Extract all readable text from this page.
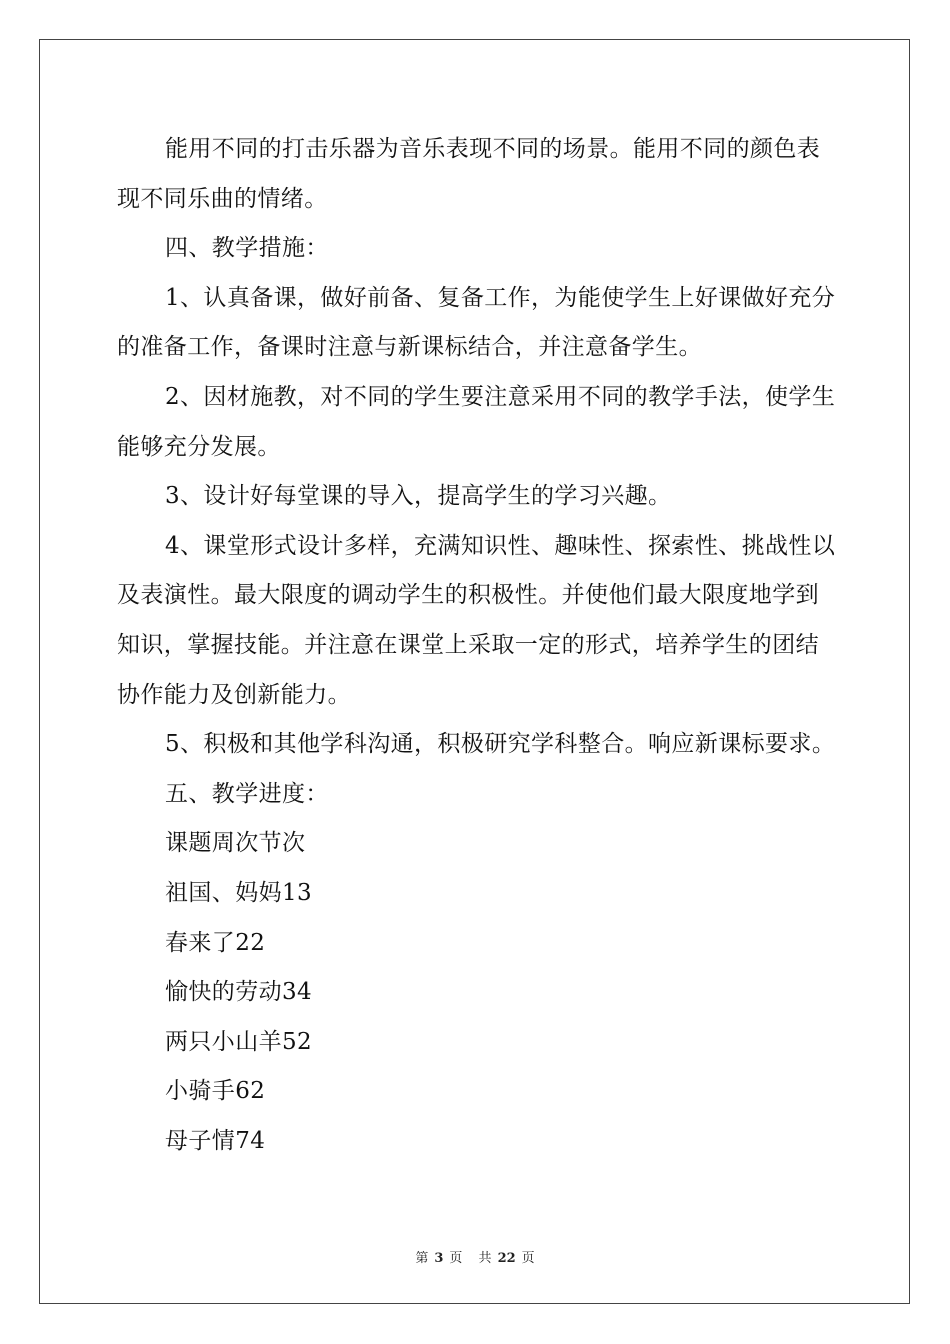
能用不同的打击乐器为音乐表现不同的场景。能用不同的颜色表现不同乐曲的情绪。

四、教学措施：

1、认真备课，做好前备、复备工作，为能使学生上好课做好充分的准备工作，备课时注意与新课标结合，并注意备学生。

2、因材施教，对不同的学生要注意采用不同的教学手法，使学生能够充分发展。

3、设计好每堂课的导入，提高学生的学习兴趣。

4、课堂形式设计多样，充满知识性、趣味性、探索性、挑战性以及表演性。最大限度的调动学生的积极性。并使他们最大限度地学到知识，掌握技能。并注意在课堂上采取一定的形式，培养学生的团结协作能力及创新能力。

5、积极和其他学科沟通，积极研究学科整合。响应新课标要求。

五、教学进度：

课题周次节次

祖国、妈妈13

春来了22

愉快的劳动34

两只小山羊52

小骑手62

母子情74

第 3 页 共 22 页
